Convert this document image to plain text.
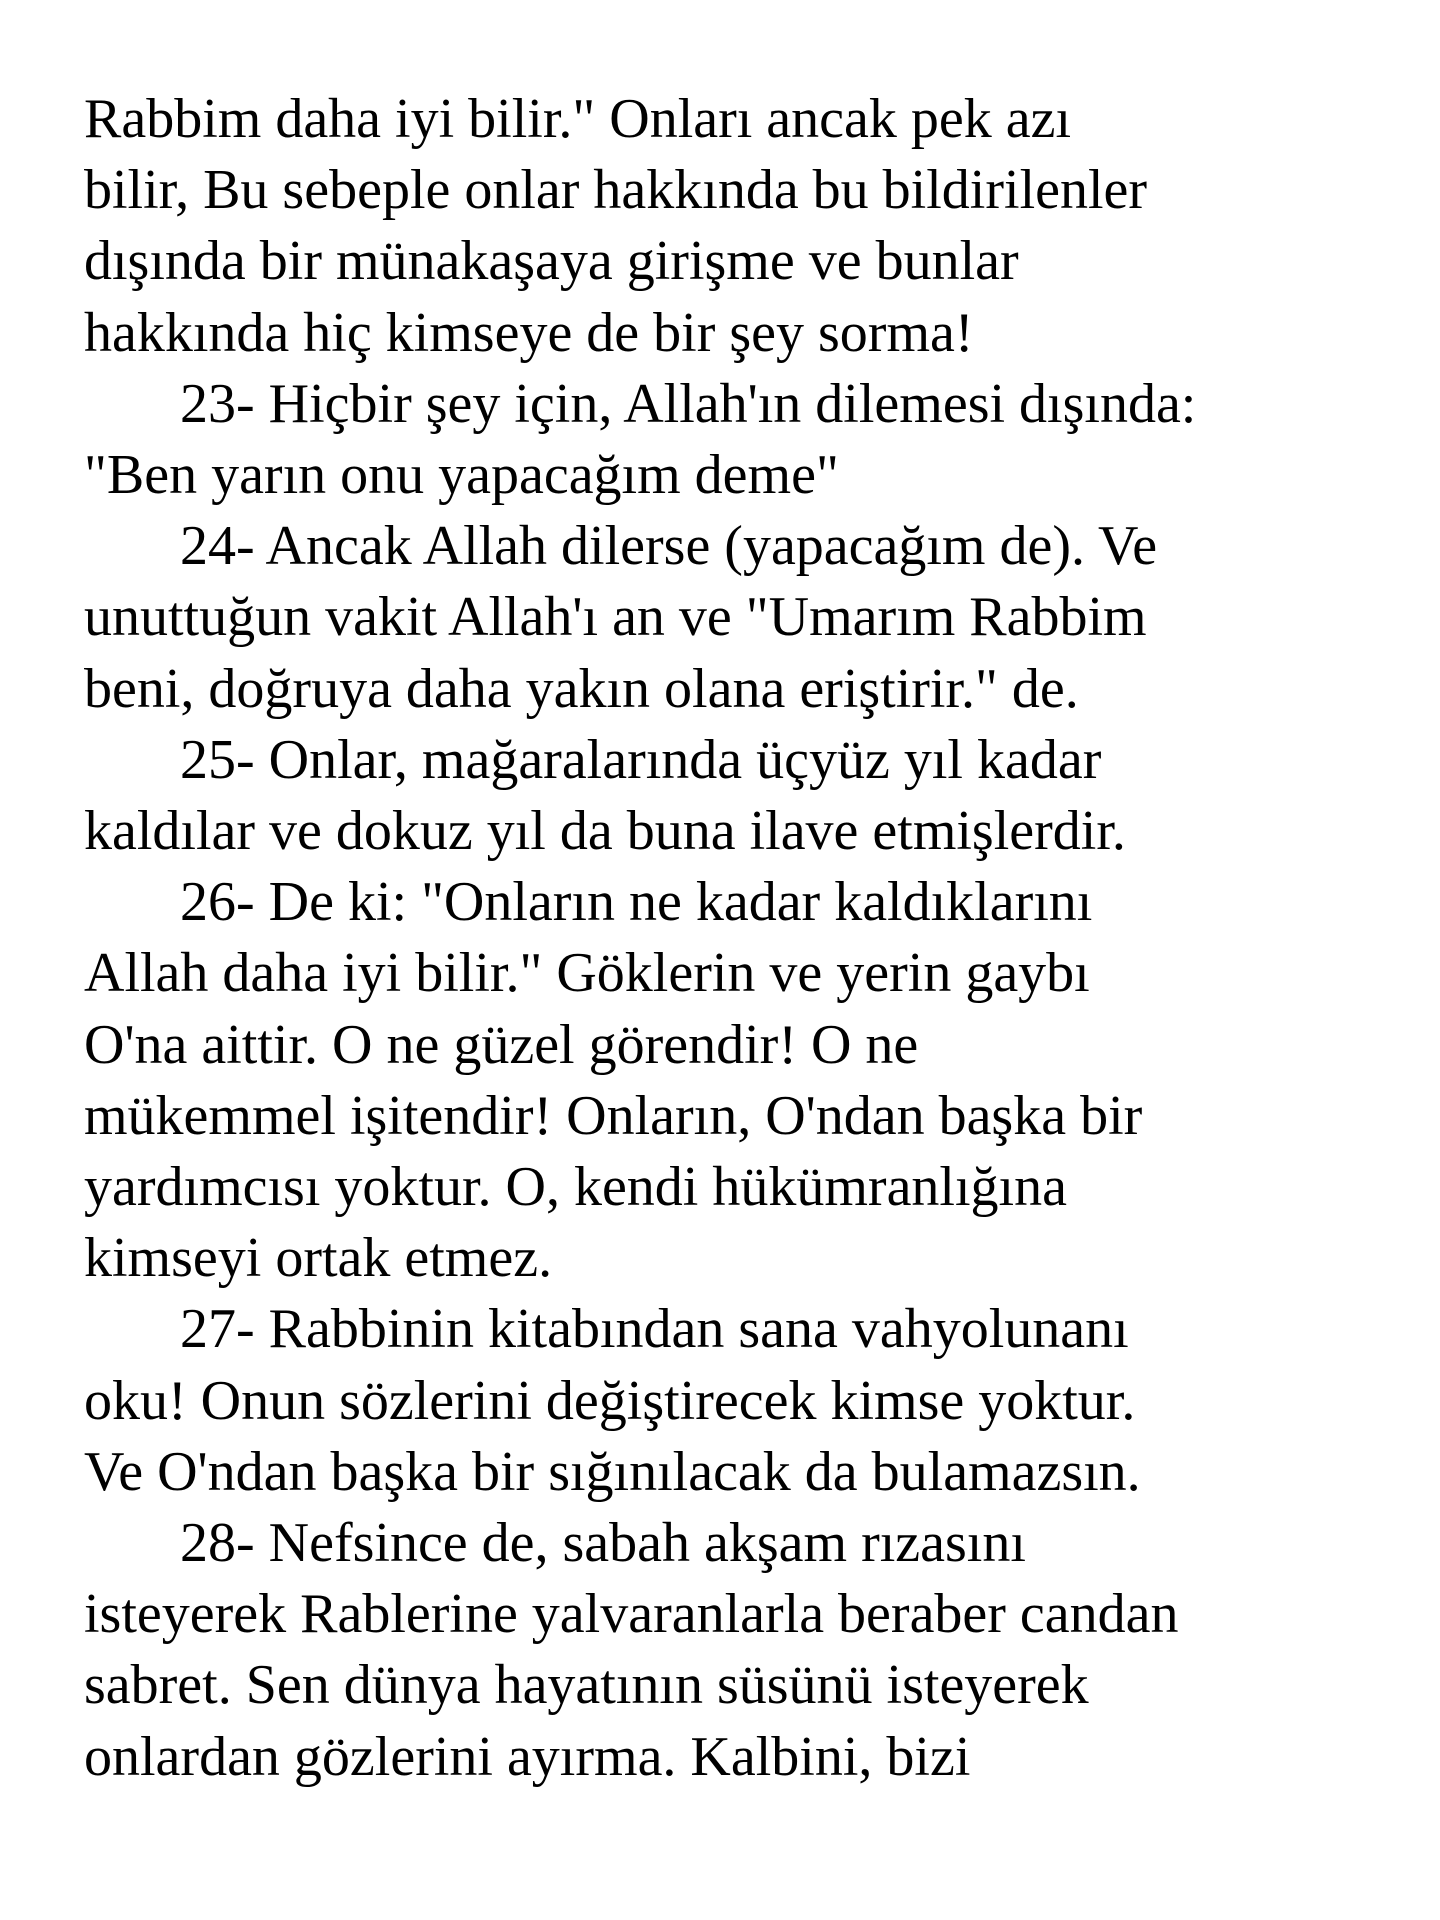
Rabbim daha iyi bilir." Onları ancak pek azı
bilir, Bu sebeple onlar hakkında bu bildirilenler
dışında bir münakaşaya girişme ve bunlar
hakkında hiç kimseye de bir şey sorma!

23- Hiçbir şey için, Allah'ın dilemesi dışında:
"Ben yarın onu yapacağım deme"

24- Ancak Allah dilerse (yapacağım de). Ve
unuttuğun vakit Allah'ı an ve "Umarım Rabbim
beni, doğruya daha yakın olana eriştirir." de.

25- Onlar, mağaralarında üçyüz yıl kadar
kaldılar ve dokuz yıl da buna ilave etmişlerdir.

26- De ki: "Onların ne kadar kaldıklarını
Allah daha iyi bilir." Göklerin ve yerin gaybı
O'na aittir. O ne güzel görendir! O ne
mükemmel işitendir! Onların, O'ndan başka bir
yardımcısı yoktur. O, kendi hükümranlığına
kimseyi ortak etmez.

27- Rabbinin kitabından sana vahyolunanı
oku! Onun sözlerini değiştirecek kimse yoktur.
Ve O'ndan başka bir sığınılacak da bulamazsın.

28- Nefsince de, sabah akşam rızasını
isteyerek Rablerine yalvaranlarla beraber candan
sabret. Sen dünya hayatının süsünü isteyerek
onlardan gözlerini ayırma. Kalbini, bizi
